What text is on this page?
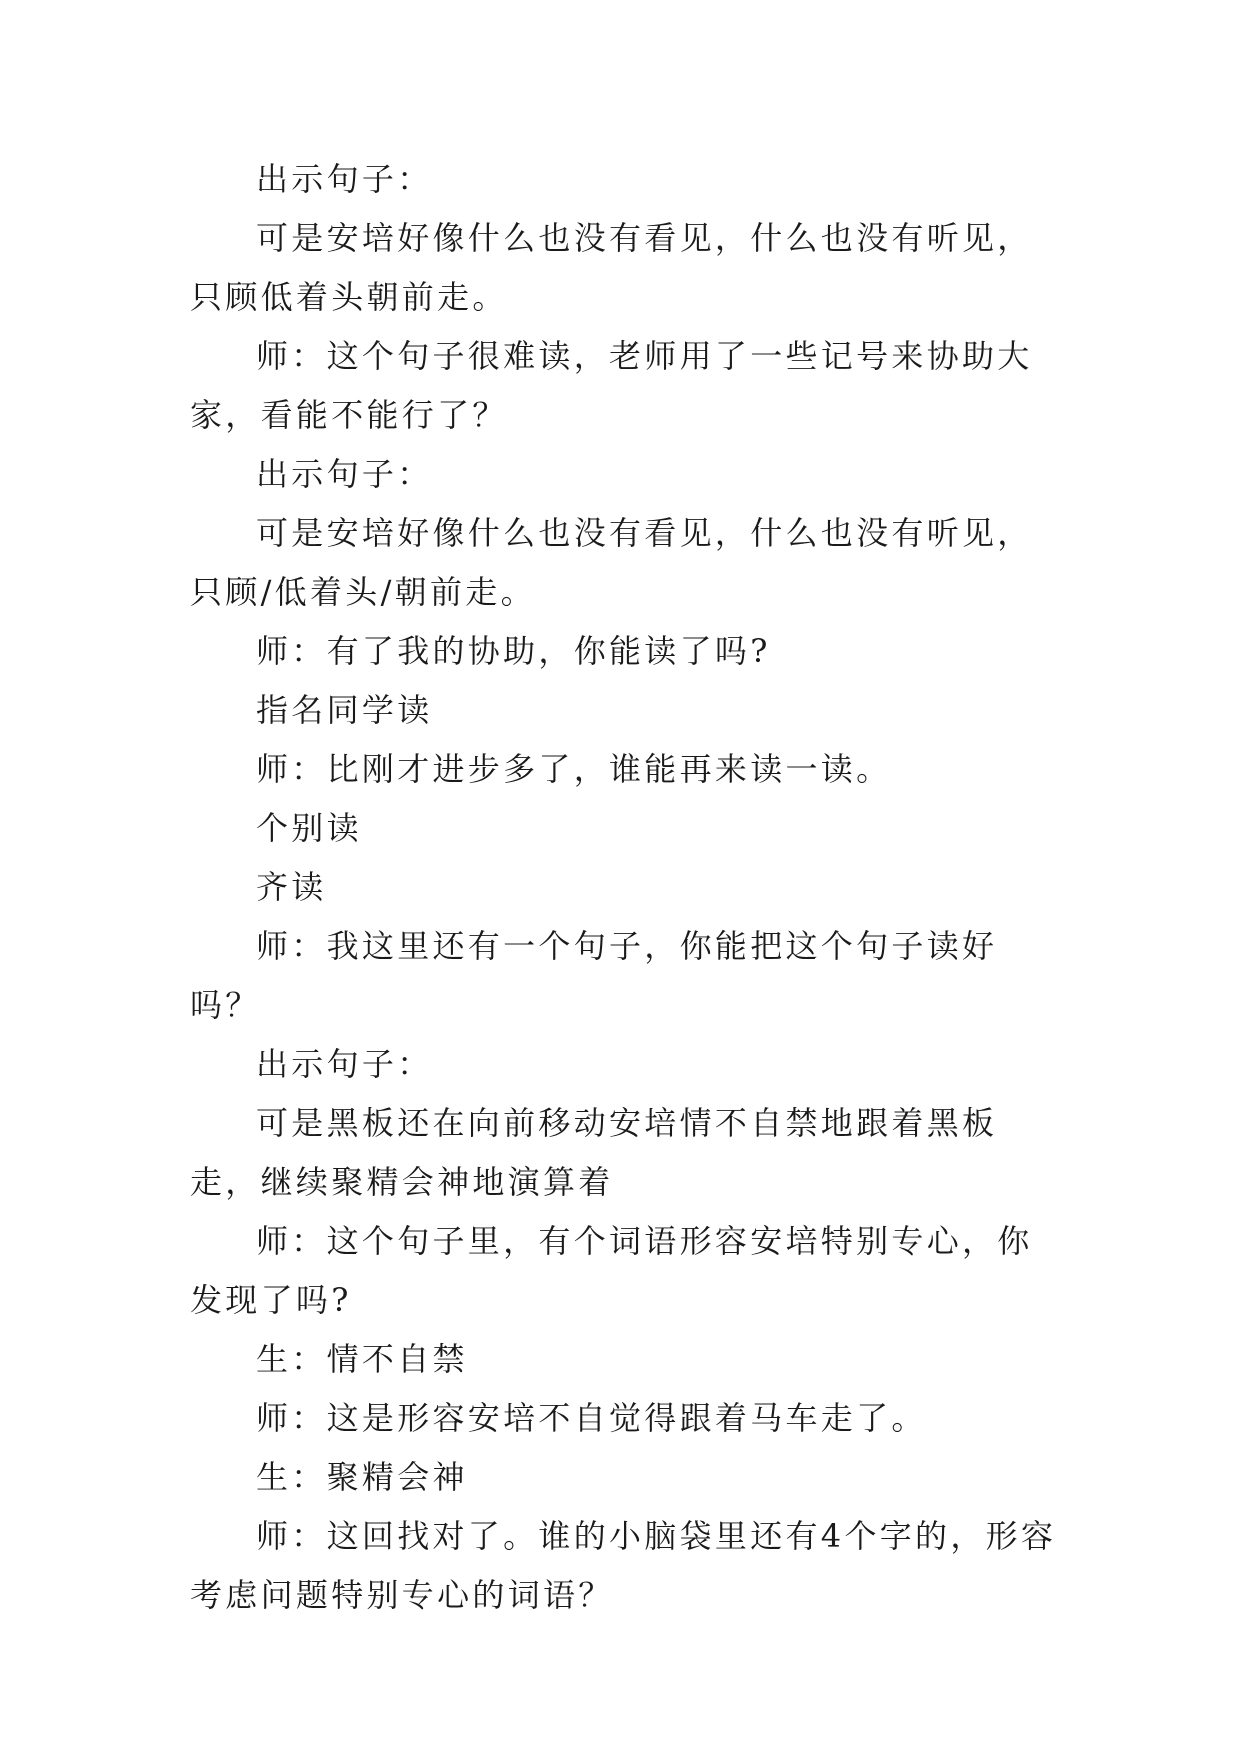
出示句子：

可是安培好像什么也没有看见，什么也没有听见，只顾低着头朝前走。

师：这个句子很难读，老师用了一些记号来协助大家，看能不能行了？

出示句子：

可是安培好像什么也没有看见，什么也没有听见，只顾/低着头/朝前走。

师：有了我的协助，你能读了吗?

指名同学读

师：比刚才进步多了，谁能再来读一读。

个别读

齐读

师：我这里还有一个句子，你能把这个句子读好吗？

出示句子：

可是黑板还在向前移动安培情不自禁地跟着黑板走，继续聚精会神地演算着

师：这个句子里，有个词语形容安培特别专心，你发现了吗?

生：情不自禁

师：这是形容安培不自觉得跟着马车走了。

生：聚精会神

师：这回找对了。谁的小脑袋里还有4个字的，形容考虑问题特别专心的词语？
